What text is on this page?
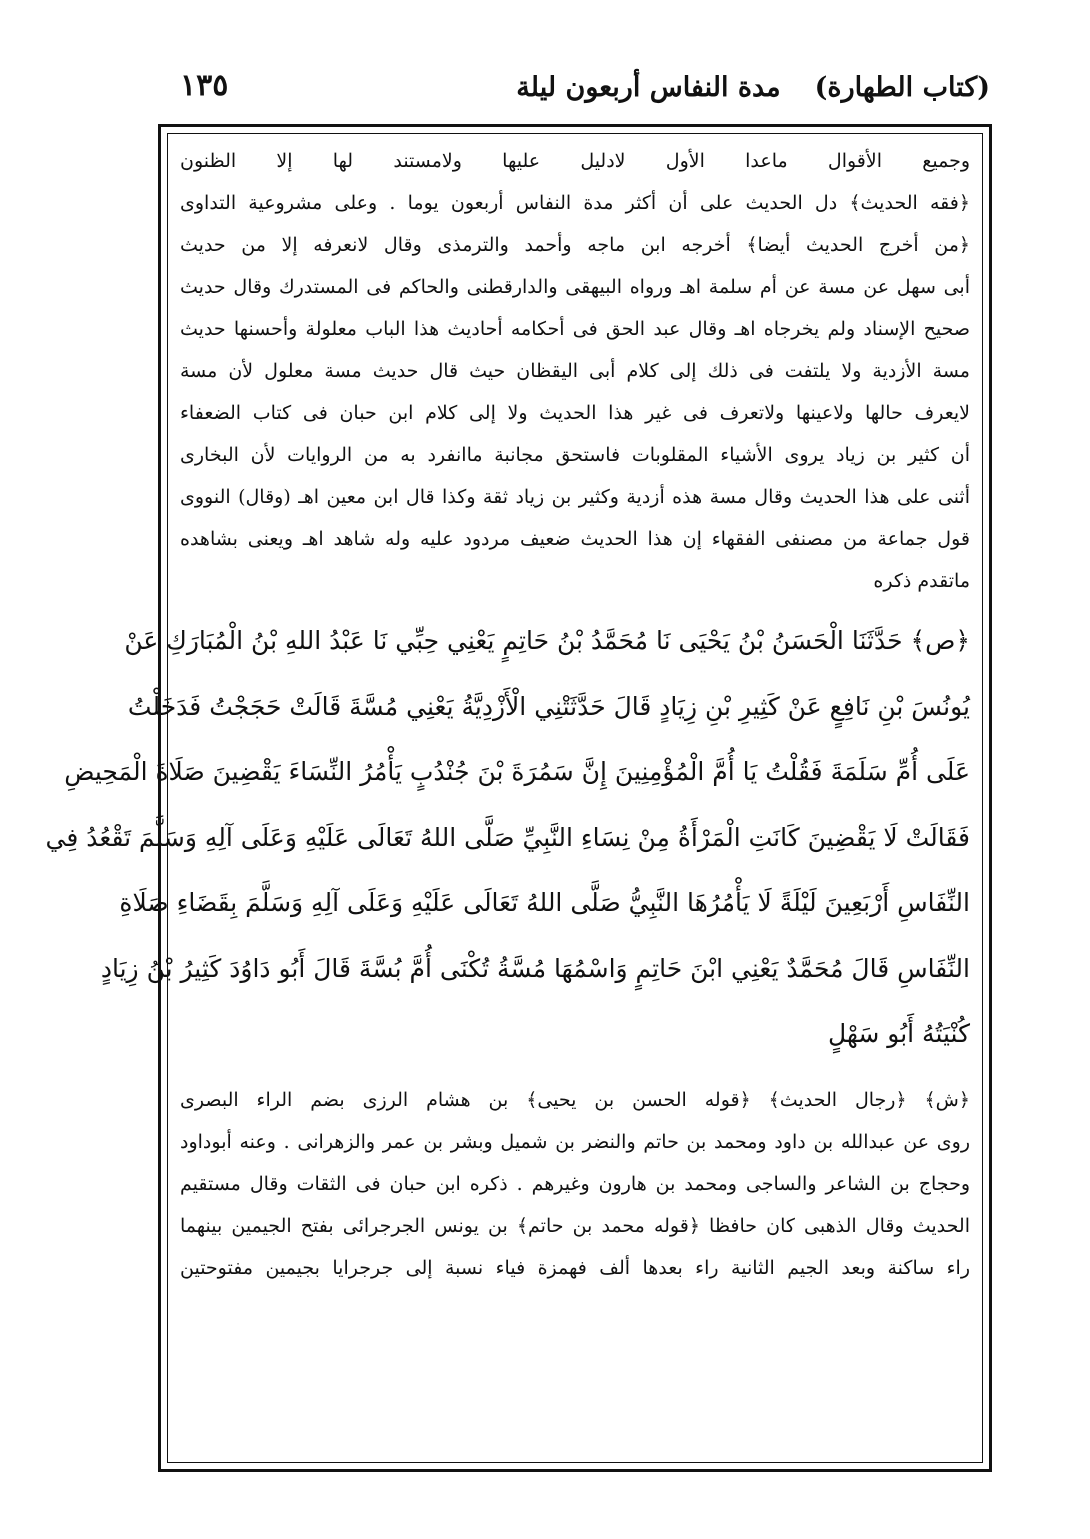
(كتاب الطهارة)
مدة النفاس أربعون ليلة
١٣٥
وجميع الأقوال ماعدا الأول لادليل عليها ولامستند لها إلا الظنون
﴿فقه الحديث﴾ دل الحديث على أن أكثر مدة النفاس أربعون يوما . وعلى مشروعية التداوى
﴿من أخرج الحديث أيضا﴾ أخرجه ابن ماجه وأحمد والترمذى وقال لانعرفه إلا من حديث
أبى سهل عن مسة عن أم سلمة اهـ ورواه البيهقى والدارقطنى والحاكم فى المستدرك وقال حديث
صحيح الإسناد ولم يخرجاه اهـ وقال عبد الحق فى أحكامه أحاديث هذا الباب معلولة وأحسنها حديث
مسة الأزدية ولا يلتفت فى ذلك إلى كلام أبى اليقظان حيث قال حديث مسة معلول لأن مسة
لايعرف حالها ولاعينها ولاتعرف فى غير هذا الحديث ولا إلى كلام ابن حبان فى كتاب الضعفاء
أن كثير بن زياد يروى الأشياء المقلوبات فاستحق مجانبة ماانفرد به من الروايات لأن البخارى
أثنى على هذا الحديث وقال مسة هذه أزدية وكثير بن زياد ثقة وكذا قال ابن معين اهـ (وقال) النووى
قول جماعة من مصنفى الفقهاء إن هذا الحديث ضعيف مردود عليه وله شاهد اهـ ويعنى بشاهده
ماتقدم ذكره
﴿ص﴾ حَدَّثَنَا الْحَسَنُ بْنُ يَحْيَى نَا مُحَمَّدُ بْنُ حَاتِمٍ يَعْنِي حِبِّي نَا عَبْدُ اللهِ بْنُ الْمُبَارَكِ عَنْ
يُونُسَ بْنِ نَافِعٍ عَنْ كَثِيرِ بْنِ زِيَادٍ قَالَ حَدَّثَتْنِي الْأَزْدِيَّةُ يَعْنِي مُسَّةَ قَالَتْ حَجَجْتُ فَدَخَلْتُ
عَلَى أُمِّ سَلَمَةَ فَقُلْتُ يَا أُمَّ الْمُؤْمِنِينَ إِنَّ سَمُرَةَ بْنَ جُنْدُبٍ يَأْمُرُ النِّسَاءَ يَقْضِينَ صَلَاةَ الْمَحِيضِ
فَقَالَتْ لَا يَقْضِينَ كَانَتِ الْمَرْأَةُ مِنْ نِسَاءِ النَّبِيِّ صَلَّى اللهُ تَعَالَى عَلَيْهِ وَعَلَى آلِهِ وَسَلَّمَ تَقْعُدُ فِي
النِّفَاسِ أَرْبَعِينَ لَيْلَةً لَا يَأْمُرُهَا النَّبِيُّ صَلَّى اللهُ تَعَالَى عَلَيْهِ وَعَلَى آلِهِ وَسَلَّمَ بِقَضَاءِ صَلَاةِ
النِّفَاسِ قَالَ مُحَمَّدٌ يَعْنِي ابْنَ حَاتِمٍ وَاسْمُهَا مُسَّةُ تُكْنَى أُمَّ بُسَّةَ قَالَ أَبُو دَاوُدَ كَثِيرُ بْنُ زِيَادٍ
كُنْيَتُهُ أَبُو سَهْلٍ
﴿ش﴾ ﴿رجال الحديث﴾ ﴿قوله الحسن بن يحيى﴾ بن هشام الرزى بضم الراء البصرى
روى عن عبدالله بن داود ومحمد بن حاتم والنضر بن شميل وبشر بن عمر والزهرانى . وعنه أبوداود
وحجاج بن الشاعر والساجى ومحمد بن هارون وغيرهم . ذكره ابن حبان فى الثقات وقال مستقيم
الحديث وقال الذهبى كان حافظا ﴿قوله محمد بن حاتم﴾ بن يونس الجرجرائى بفتح الجيمين بينهما
راء ساكنة وبعد الجيم الثانية راء بعدها ألف فهمزة فياء نسبة إلى جرجرايا بجيمين مفتوحتين
